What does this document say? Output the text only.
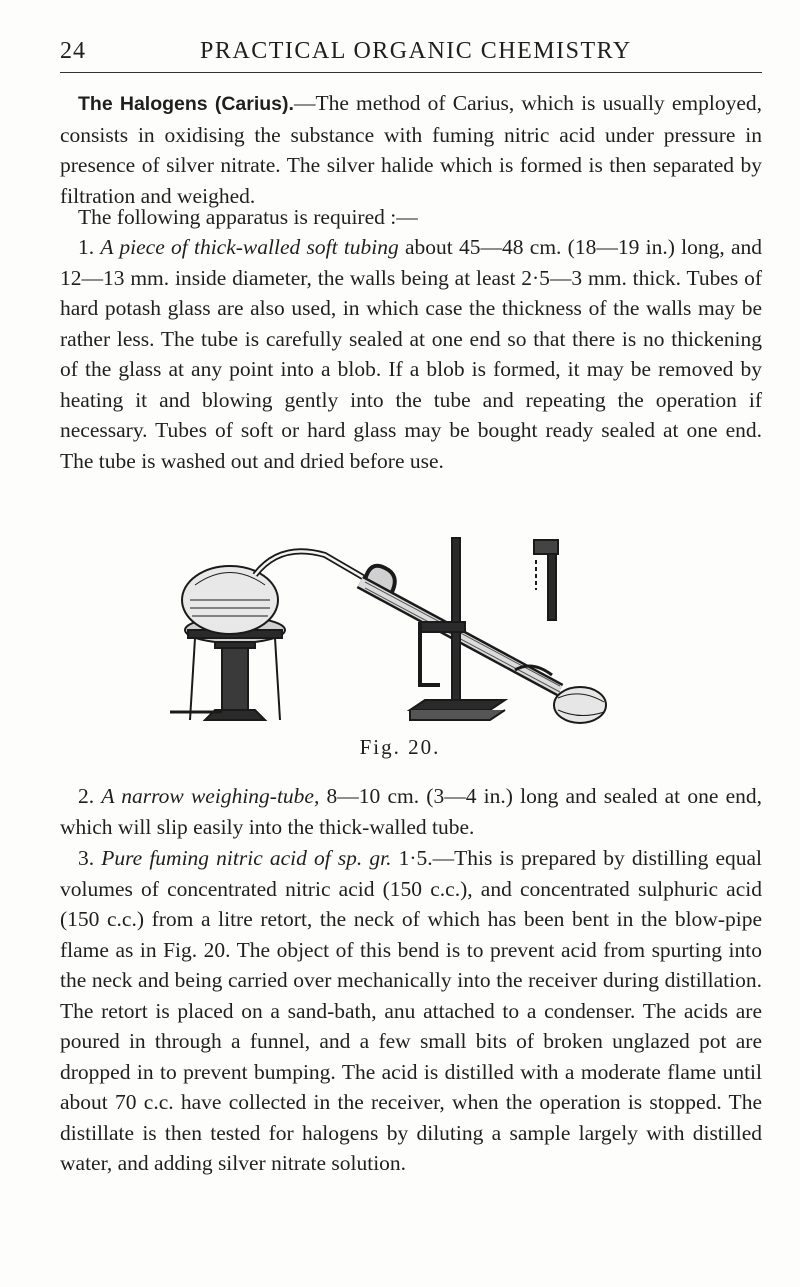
24	PRACTICAL ORGANIC CHEMISTRY

The Halogens (Carius).—The method of Carius, which is usually employed, consists in oxidising the substance with fuming nitric acid under pressure in presence of silver nitrate. The silver halide which is formed is then separated by filtration and weighed.

The following apparatus is required :—

1. A piece of thick-walled soft tubing about 45—48 cm. (18—19 in.) long, and 12—13 mm. inside diameter, the walls being at least 2·5—3 mm. thick. Tubes of hard potash glass are also used, in which case the thickness of the walls may be rather less. The tube is carefully sealed at one end so that there is no thickening of the glass at any point into a blob. If a blob is formed, it may be removed by heating it and blowing gently into the tube and repeating the operation if necessary. Tubes of soft or hard glass may be bought ready sealed at one end. The tube is washed out and dried before use.

Fig. 20.

2. A narrow weighing-tube, 8—10 cm. (3—4 in.) long and sealed at one end, which will slip easily into the thick-walled tube.

3. Pure fuming nitric acid of sp. gr. 1·5.—This is prepared by distilling equal volumes of concentrated nitric acid (150 c.c.), and concentrated sulphuric acid (150 c.c.) from a litre retort, the neck of which has been bent in the blow-pipe flame as in Fig. 20. The object of this bend is to prevent acid from spurting into the neck and being carried over mechanically into the receiver during distillation. The retort is placed on a sand-bath, anu attached to a condenser. The acids are poured in through a funnel, and a few small bits of broken unglazed pot are dropped in to prevent bumping. The acid is distilled with a moderate flame until about 70 c.c. have collected in the receiver, when the operation is stopped. The distillate is then tested for halogens by diluting a sample largely with distilled water, and adding silver nitrate solution.
